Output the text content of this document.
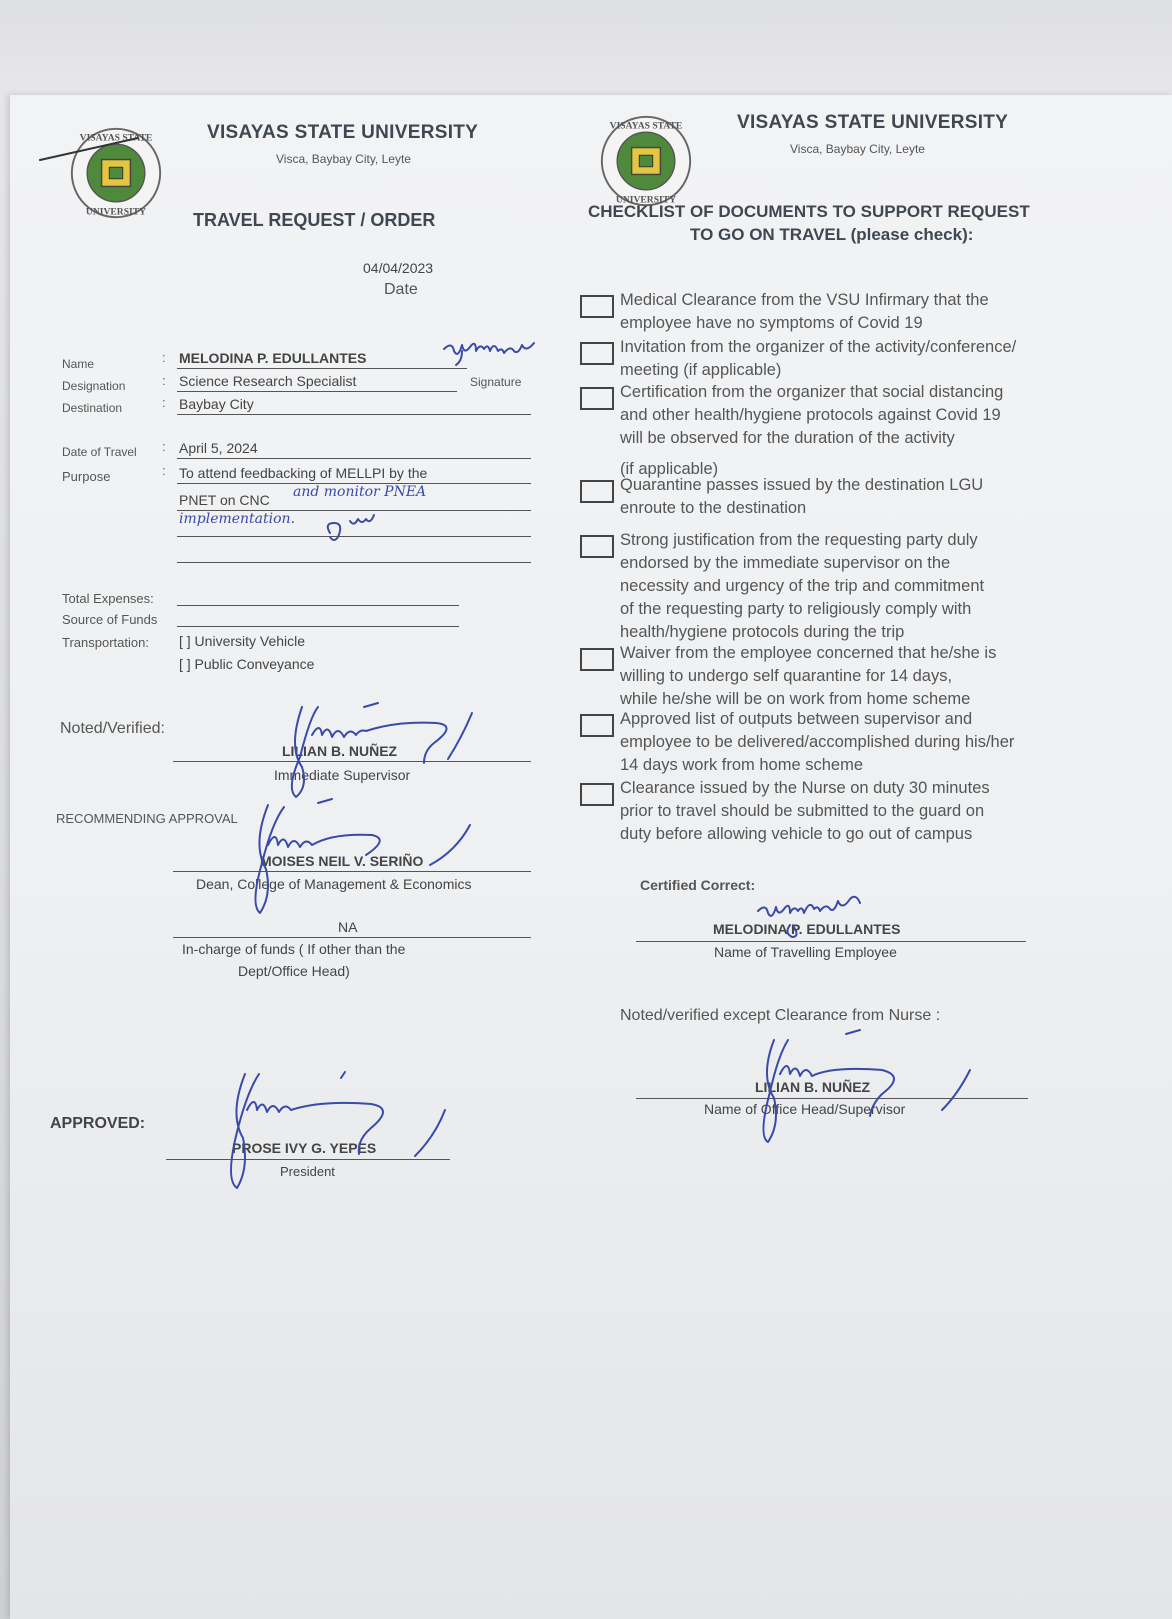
VISAYAS STATE
UNIVERSITY
VISAYAS STATE UNIVERSITY
Visca, Baybay City, Leyte
TRAVEL REQUEST / ORDER
04/04/2023
Date
Name	: MELODINA P. EDULLANTES
Signature
Designation	: Science Research Specialist
Destination	: Baybay City
Date of Travel : April 5, 2024
Purpose	: To attend feedbacking of MELLPI by the
PNET on CNC and monitor PNEA
implementation.
Total Expenses:
Source of Funds
Transportation: [ ] University Vehicle
[ ] Public Conveyance
Noted/Verified:
LILIAN B. NUÑEZ
Immediate Supervisor
RECOMMENDING APPROVAL
MOISES NEIL V. SERIÑO
Dean, College of Management & Economics
NA
In-charge of funds ( If other than the
Dept/Office Head)
APPROVED:
PROSE IVY G. YEPES
President
VISAYAS STATE
UNIVERSITY
VISAYAS STATE UNIVERSITY
Visca, Baybay City, Leyte
CHECKLIST OF DOCUMENTS TO SUPPORT REQUEST
TO GO ON TRAVEL (please check):
Medical Clearance from the VSU Infirmary that the
employee have no symptoms of Covid 19
Invitation from the organizer of the activity/conference/
meeting (if applicable)
Certification from the organizer that social distancing
and other health/hygiene protocols against Covid 19
will be observed for the duration of the activity
(if applicable)
Quarantine passes issued by the destination LGU
enroute to the destination
Strong justification from the requesting party duly
endorsed by the immediate supervisor on the
necessity and urgency of the trip and commitment
of the requesting party to religiously comply with
health/hygiene protocols during the trip
Waiver from the employee concerned that he/she is
willing to undergo self quarantine for 14 days,
while he/she will be on work from home scheme
Approved list of outputs between supervisor and
employee to be delivered/accomplished during his/her
14 days work from home scheme
Clearance issued by the Nurse on duty 30 minutes
prior to travel should be submitted to the guard on
duty before allowing vehicle to go out of campus
Certified Correct:
MELODINA P. EDULLANTES
Name of Travelling Employee
Noted/verified except Clearance from Nurse :
LILIAN B. NUÑEZ
Name of Office Head/Supervisor
